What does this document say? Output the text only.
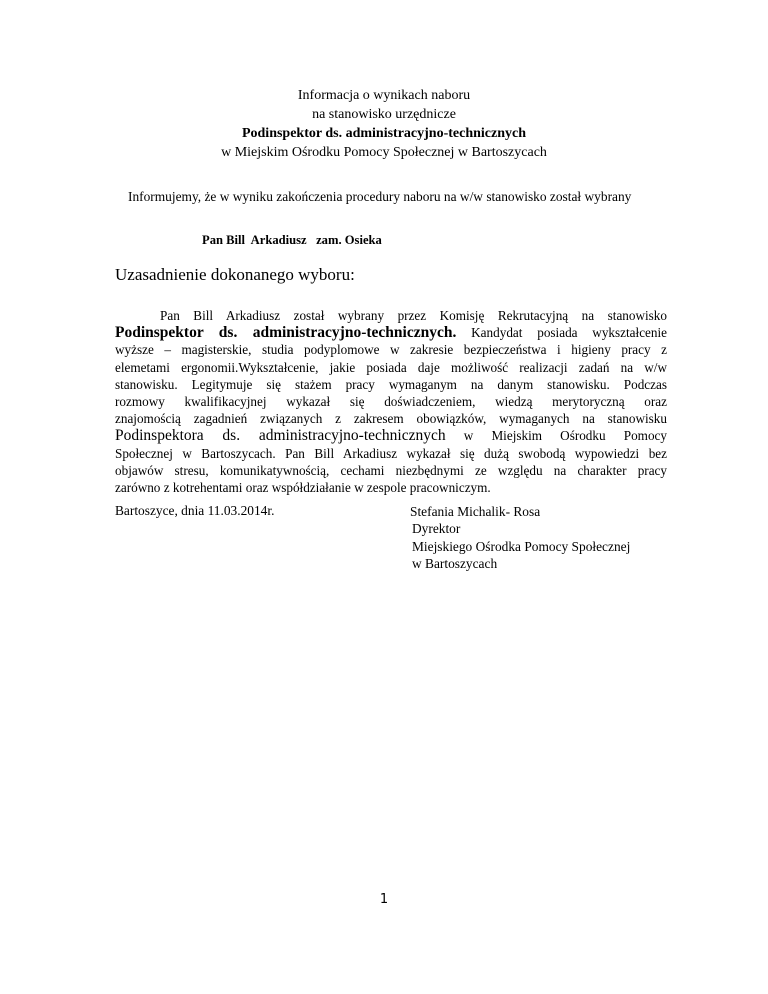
Informacja o wynikach naboru
na stanowisko urzędnicze
Podinspektor ds. administracyjno-technicznych
w Miejskim Ośrodku Pomocy Społecznej w Bartoszycach
Informujemy, że w wyniku zakończenia procedury naboru na w/w stanowisko został wybrany
Pan Bill  Arkadiusz   zam. Osieka
Uzasadnienie dokonanego wyboru:
Pan Bill Arkadiusz został wybrany przez Komisję Rekrutacyjną na stanowisko
Podinspektor ds. administracyjno-technicznych. Kandydat posiada wykształcenie
wyższe – magisterskie, studia podyplomowe w zakresie bezpieczeństwa i higieny pracy z
elemetami ergonomii.Wykształcenie, jakie posiada daje możliwość realizacji zadań na w/w
stanowisku. Legitymuje się stażem pracy wymaganym na danym stanowisku. Podczas
rozmowy kwalifikacyjnej wykazał się doświadczeniem, wiedzą merytoryczną oraz
znajomością zagadnień związanych z zakresem obowiązków, wymaganych na stanowisku
Podinspektora ds. administracyjno-technicznych w Miejskim Ośrodku Pomocy
Społecznej w Bartoszycach. Pan Bill Arkadiusz wykazał się dużą swobodą wypowiedzi bez
objawów stresu, komunikatywnością, cechami niezbędnymi ze względu na charakter pracy
zarówno z kotrehentami oraz współdziałanie w zespole pracowniczym.
Bartoszyce, dnia 11.03.2014r.	Stefania Michalik- Rosa
Dyrektor
Miejskiego Ośrodka Pomocy Społecznej
w Bartoszycach
1
